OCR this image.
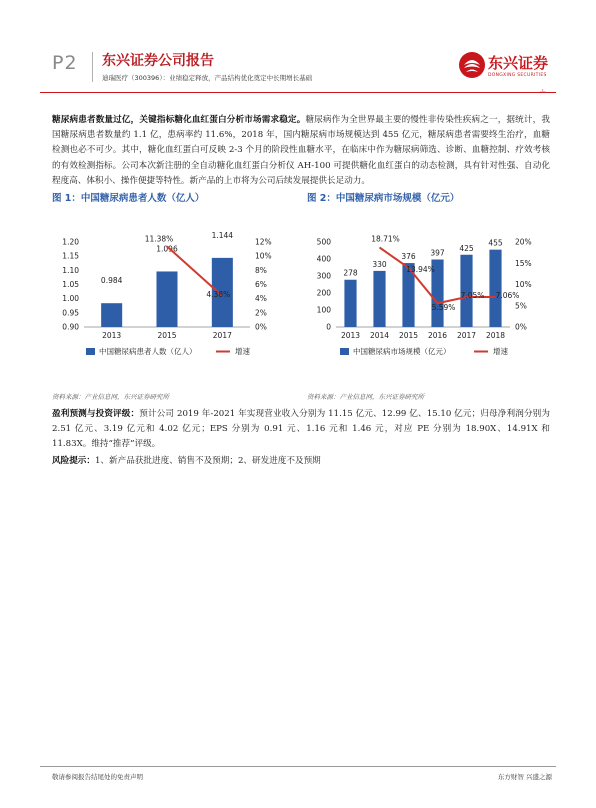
P2 东兴证券公司报告
迪瑞医疗（300396）：业绩稳定释放，产品结构优化奠定中长期增长基础
东兴证券
DONGXING SECURITIES
糖尿病患者数量过亿，关键指标糖化血红蛋白分析市场需求稳定。糖尿病作为全世界最主要的慢性非传染性疾病之一，据统计，我国糖尿病患者数量约 1.1 亿，患病率约 11.6%，2018 年，国内糖尿病市场规模达到 455 亿元，糖尿病患者需要终生治疗，血糖检测也必不可少。其中，糖化血红蛋白可反映 2-3 个月的阶段性血糖水平，在临床中作为糖尿病筛选、诊断、血糖控制、疗效考核的有效检测指标。公司本次新注册的全自动糖化血红蛋白分析仪 AH-100 可提供糖化血红蛋白的动态检测，具有针对性强、自动化程度高、体积小、操作便捷等特性。新产品的上市将为公司后续发展提供长足动力。
图 1：中国糖尿病患者人数（亿人）	图 2：中国糖尿病市场规模（亿元）
0.90
0.95
1.00
1.05
1.10
1.15
1.20
0%
2%
4%
6%
8%
10%
12%
2013
0.984
2015
1.096
2017
1.144
11.38%
4.38%
中国糖尿病患者人数（亿人）	增速
0
100
200
300
400
500
0%
5%
10%
15%
20%
2013
278
2014
330
2015
376
2016
397
2017
425
2018
455
18.71%
13.94%
5.59%
7.05% 7.06%
中国糖尿病市场规模（亿元）	增速
资料来源：产业信息网，东兴证券研究所	资料来源：产业信息网，东兴证券研究所
盈利预测与投资评级：预计公司 2019 年-2021 年实现营业收入分别为 11.15 亿元、12.99 亿、15.10 亿元；归母净利润分别为 2.51 亿元、3.19 亿元和 4.02 亿元；EPS 分别为 0.91 元、1.16 元和 1.46 元，对应 PE 分别为 18.90X、14.91X 和 11.83X。维持“推荐”评级。
风险提示：1、新产品获批进度、销售不及预期；2、研发进度不及预期
敬请参阅报告结尾处的免责声明	东方财智 兴盛之源
